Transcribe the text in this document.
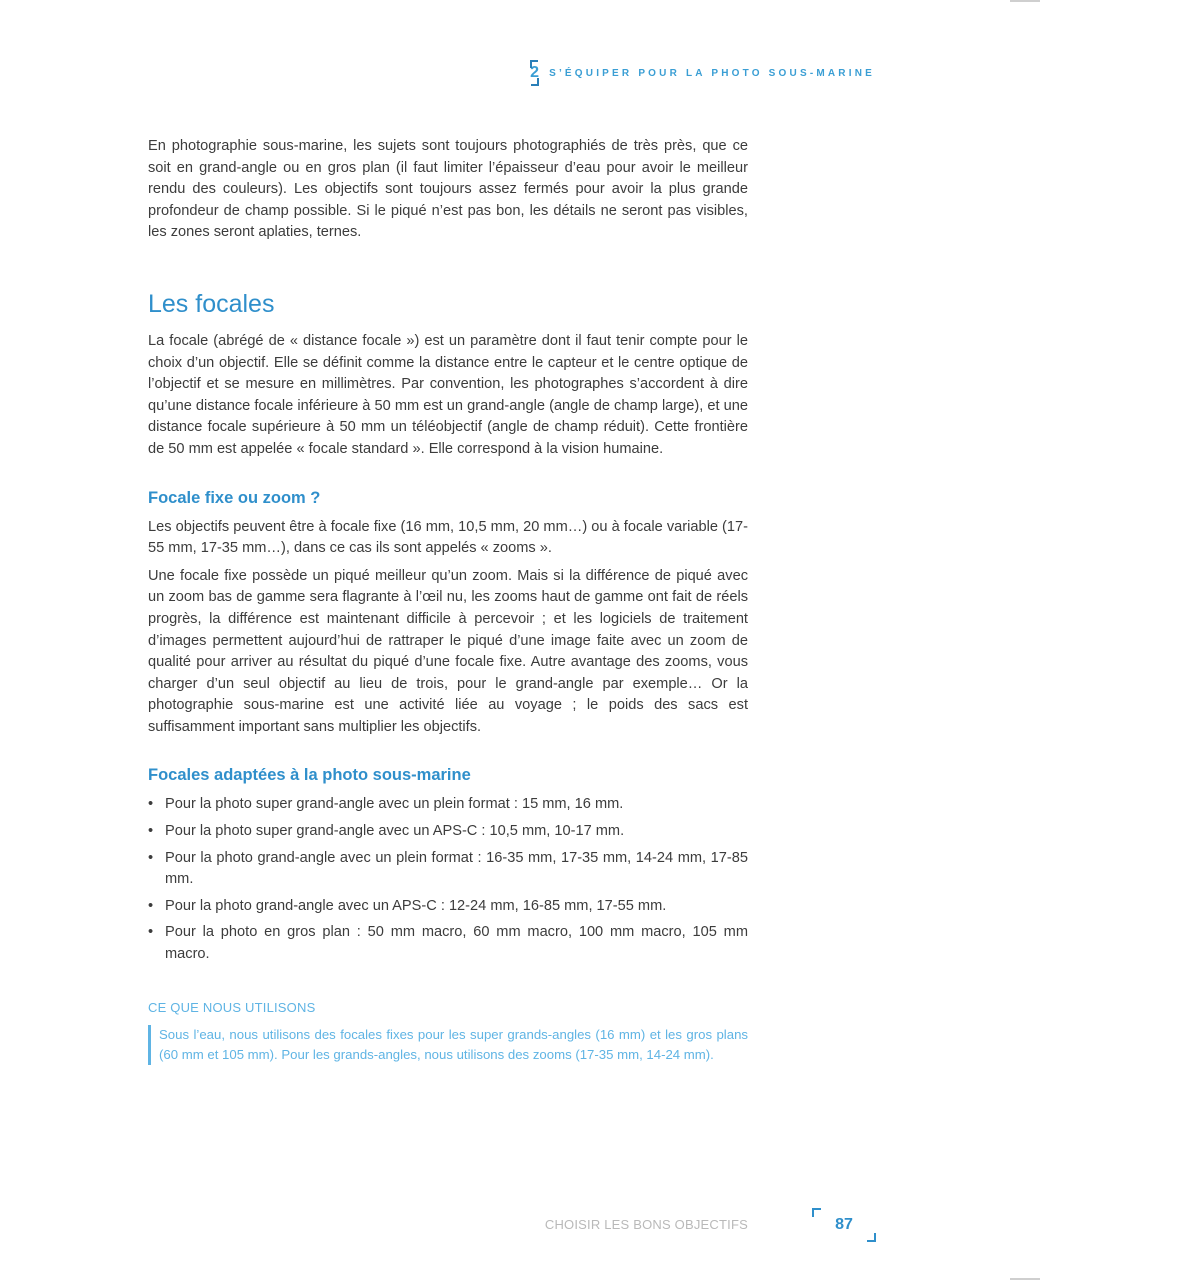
2 S’ÉQUIPER POUR LA PHOTO SOUS-MARINE

En photographie sous-marine, les sujets sont toujours photographiés de très près, que ce soit en grand-angle ou en gros plan (il faut limiter l’épaisseur d’eau pour avoir le meilleur rendu des couleurs). Les objectifs sont toujours assez fermés pour avoir la plus grande profondeur de champ possible. Si le piqué n’est pas bon, les détails ne seront pas visibles, les zones seront aplaties, ternes.

Les focales

La focale (abrégé de « distance focale ») est un paramètre dont il faut tenir compte pour le choix d’un objectif. Elle se définit comme la distance entre le capteur et le centre optique de l’objectif et se mesure en millimètres. Par convention, les photographes s’accordent à dire qu’une distance focale inférieure à 50 mm est un grand-angle (angle de champ large), et une distance focale supérieure à 50 mm un téléobjectif (angle de champ réduit). Cette frontière de 50 mm est appelée « focale standard ». Elle correspond à la vision humaine.

Focale fixe ou zoom ?

Les objectifs peuvent être à focale fixe (16 mm, 10,5 mm, 20 mm…) ou à focale variable (17-55 mm, 17-35 mm…), dans ce cas ils sont appelés « zooms ».

Une focale fixe possède un piqué meilleur qu’un zoom. Mais si la différence de piqué avec un zoom bas de gamme sera flagrante à l’œil nu, les zooms haut de gamme ont fait de réels progrès, la différence est maintenant difficile à percevoir ; et les logiciels de traitement d’images permettent aujourd’hui de rattraper le piqué d’une image faite avec un zoom de qualité pour arriver au résultat du piqué d’une focale fixe. Autre avantage des zooms, vous charger d’un seul objectif au lieu de trois, pour le grand-angle par exemple… Or la photographie sous-marine est une activité liée au voyage ; le poids des sacs est suffisamment important sans multiplier les objectifs.

Focales adaptées à la photo sous-marine
• Pour la photo super grand-angle avec un plein format : 15 mm, 16 mm.
• Pour la photo super grand-angle avec un APS-C : 10,5 mm, 10-17 mm.
• Pour la photo grand-angle avec un plein format : 16-35 mm, 17-35 mm, 14-24 mm, 17-85 mm.
• Pour la photo grand-angle avec un APS-C : 12-24 mm, 16-85 mm, 17-55 mm.
• Pour la photo en gros plan : 50 mm macro, 60 mm macro, 100 mm macro, 105 mm macro.
CE QUE NOUS UTILISONS
Sous l’eau, nous utilisons des focales fixes pour les super grands-angles (16 mm) et les gros plans (60 mm et 105 mm). Pour les grands-angles, nous utilisons des zooms (17-35 mm, 14-24 mm).
CHOISIR LES BONS OBJECTIFS	87
